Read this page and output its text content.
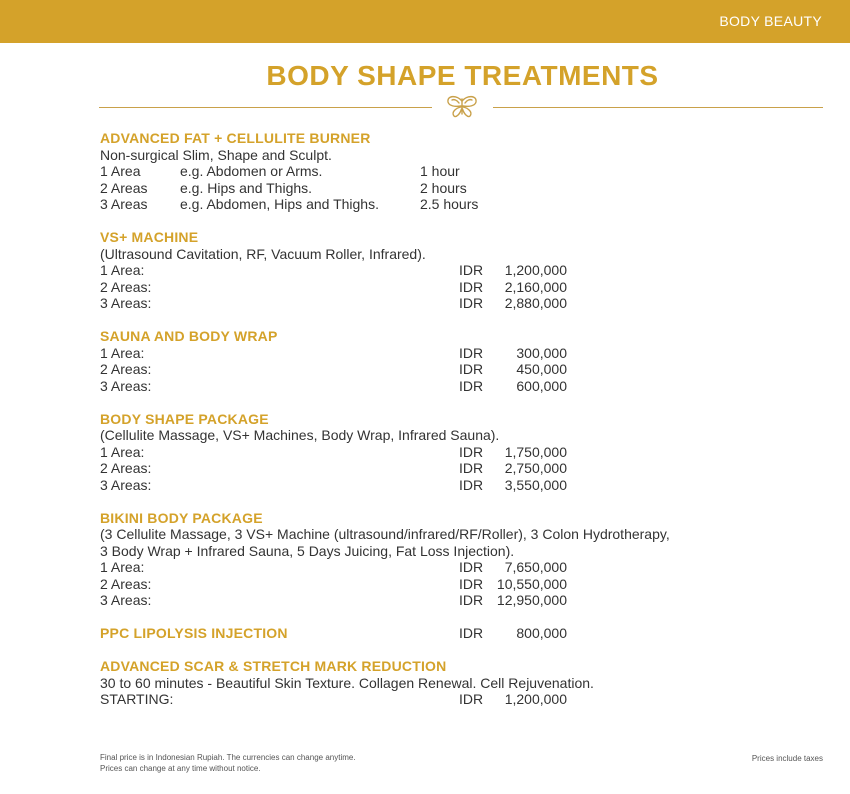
BODY BEAUTY
BODY SHAPE TREATMENTS
ADVANCED FAT + CELLULITE BURNER
Non-surgical Slim, Shape and Sculpt.
1 Area	e.g. Abdomen or Arms.	1 hour
2 Areas e.g. Hips and Thighs.	2 hours
3 Areas e.g. Abdomen, Hips and Thighs.	2.5 hours
VS+ MACHINE
(Ultrasound Cavitation, RF, Vacuum Roller, Infrared).
1 Area:	IDR	1,200,000
2 Areas:	IDR	2,160,000
3 Areas:	IDR	2,880,000
SAUNA AND BODY WRAP
1 Area:	IDR	300,000
2 Areas:	IDR	450,000
3 Areas:	IDR	600,000
BODY SHAPE PACKAGE
(Cellulite Massage, VS+ Machines, Body Wrap, Infrared Sauna).
1 Area:	IDR	1,750,000
2 Areas:	IDR	2,750,000
3 Areas:	IDR	3,550,000
BIKINI BODY PACKAGE
(3 Cellulite Massage, 3 VS+ Machine (ultrasound/infrared/RF/Roller), 3 Colon Hydrotherapy,
3 Body Wrap + Infrared Sauna, 5 Days Juicing, Fat Loss Injection).
1 Area:	IDR	7,650,000
2 Areas:	IDR 10,550,000
3 Areas:	IDR 12,950,000
PPC LIPOLYSIS INJECTION	IDR	800,000
ADVANCED SCAR & STRETCH MARK REDUCTION
30 to 60 minutes - Beautiful Skin Texture. Collagen Renewal. Cell Rejuvenation.
STARTING:	IDR	1,200,000
Final price is in Indonesian Rupiah. The currencies can change anytime.
Prices can change at any time without notice.
Prices include taxes
